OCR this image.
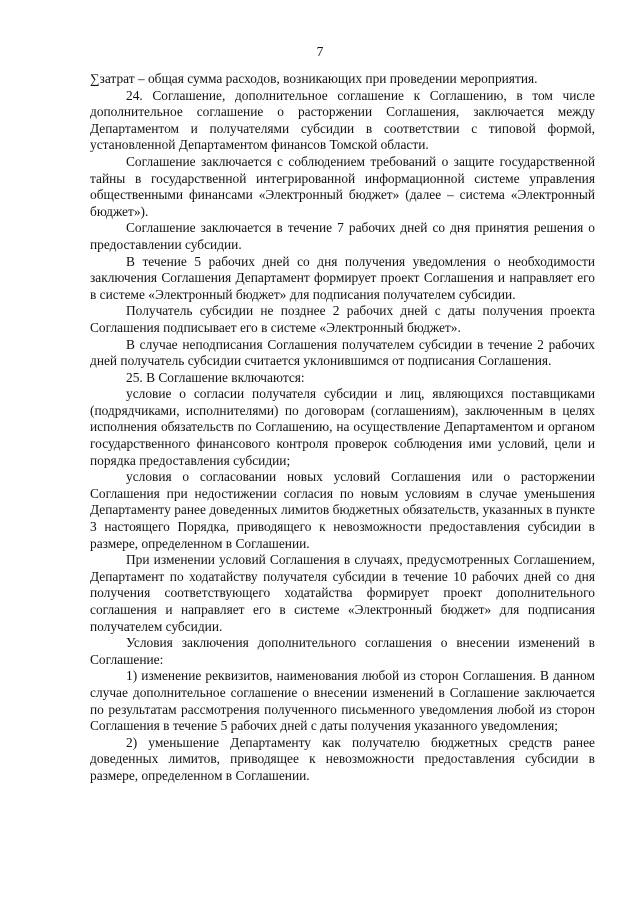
7

∑затрат – общая сумма расходов, возникающих при проведении мероприятия.

24. Соглашение, дополнительное соглашение к Соглашению, в том числе дополнительное соглашение о расторжении Соглашения, заключается между Департаментом и получателями субсидии в соответствии с типовой формой, установленной Департаментом финансов Томской области.

Соглашение заключается с соблюдением требований о защите государственной тайны в государственной интегрированной информационной системе управления общественными финансами «Электронный бюджет» (далее – система «Электронный бюджет»).

Соглашение заключается в течение 7 рабочих дней со дня принятия решения о предоставлении субсидии.

В течение 5 рабочих дней со дня получения уведомления о необходимости заключения Соглашения Департамент формирует проект Соглашения и направляет его в системе «Электронный бюджет» для подписания получателем субсидии.

Получатель субсидии не позднее 2 рабочих дней с даты получения проекта Соглашения подписывает его в системе «Электронный бюджет».

В случае неподписания Соглашения получателем субсидии в течение 2 рабочих дней получатель субсидии считается уклонившимся от подписания Соглашения.

25. В Соглашение включаются:

условие о согласии получателя субсидии и лиц, являющихся поставщиками (подрядчиками, исполнителями) по договорам (соглашениям), заключенным в целях исполнения обязательств по Соглашению, на осуществление Департаментом и органом государственного финансового контроля проверок соблюдения ими условий, цели и порядка предоставления субсидии;

условия о согласовании новых условий Соглашения или о расторжении Соглашения при недостижении согласия по новым условиям в случае уменьшения Департаменту ранее доведенных лимитов бюджетных обязательств, указанных в пункте 3 настоящего Порядка, приводящего к невозможности предоставления субсидии в размере, определенном в Соглашении.

При изменении условий Соглашения в случаях, предусмотренных Соглашением, Департамент по ходатайству получателя субсидии в течение 10 рабочих дней со дня получения соответствующего ходатайства формирует проект дополнительного соглашения и направляет его в системе «Электронный бюджет» для подписания получателем субсидии.

Условия заключения дополнительного соглашения о внесении изменений в Соглашение:

1) изменение реквизитов, наименования любой из сторон Соглашения. В данном случае дополнительное соглашение о внесении изменений в Соглашение заключается по результатам рассмотрения полученного письменного уведомления любой из сторон Соглашения в течение 5 рабочих дней с даты получения указанного уведомления;

2) уменьшение Департаменту как получателю бюджетных средств ранее доведенных лимитов, приводящее к невозможности предоставления субсидии в размере, определенном в Соглашении.
